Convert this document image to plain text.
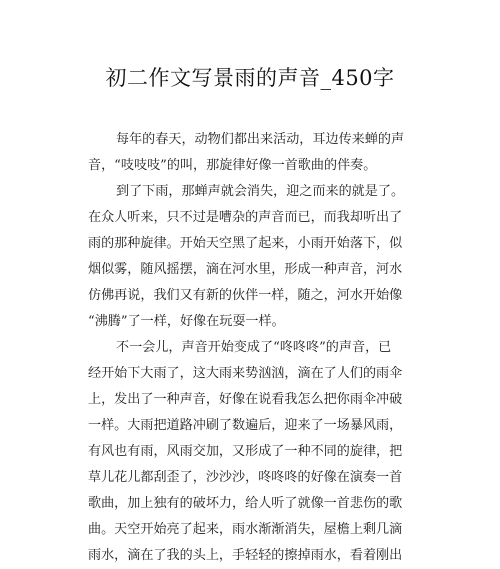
初二作文写景雨的声音_450字
每年的春天，动物们都出来活动，耳边传来蝉的声
音，“吱吱吱”的叫，那旋律好像一首歌曲的伴奏。
到了下雨，那蝉声就会消失，迎之而来的就是了。
在众人听来，只不过是嘈杂的声音而已，而我却听出了
雨的那种旋律。开始天空黑了起来，小雨开始落下，似
烟似雾，随风摇摆，滴在河水里，形成一种声音，河水
仿佛再说，我们又有新的伙伴一样，随之，河水开始像
“沸腾”了一样，好像在玩耍一样。
不一会儿，声音开始变成了“咚咚咚”的声音，已
经开始下大雨了，这大雨来势汹汹，滴在了人们的雨伞
上，发出了一种声音，好像在说看我怎么把你雨伞冲破
一样。大雨把道路冲刷了数遍后，迎来了一场暴风雨，
有风也有雨，风雨交加，又形成了一种不同的旋律，把
草儿花儿都刮歪了，沙沙沙，咚咚咚的好像在演奏一首
歌曲，加上独有的破坏力，给人听了就像一首悲伤的歌
曲。天空开始亮了起来，雨水渐渐消失，屋檐上剩几滴
雨水，滴在了我的头上，手轻轻的擦掉雨水，看着刚出
